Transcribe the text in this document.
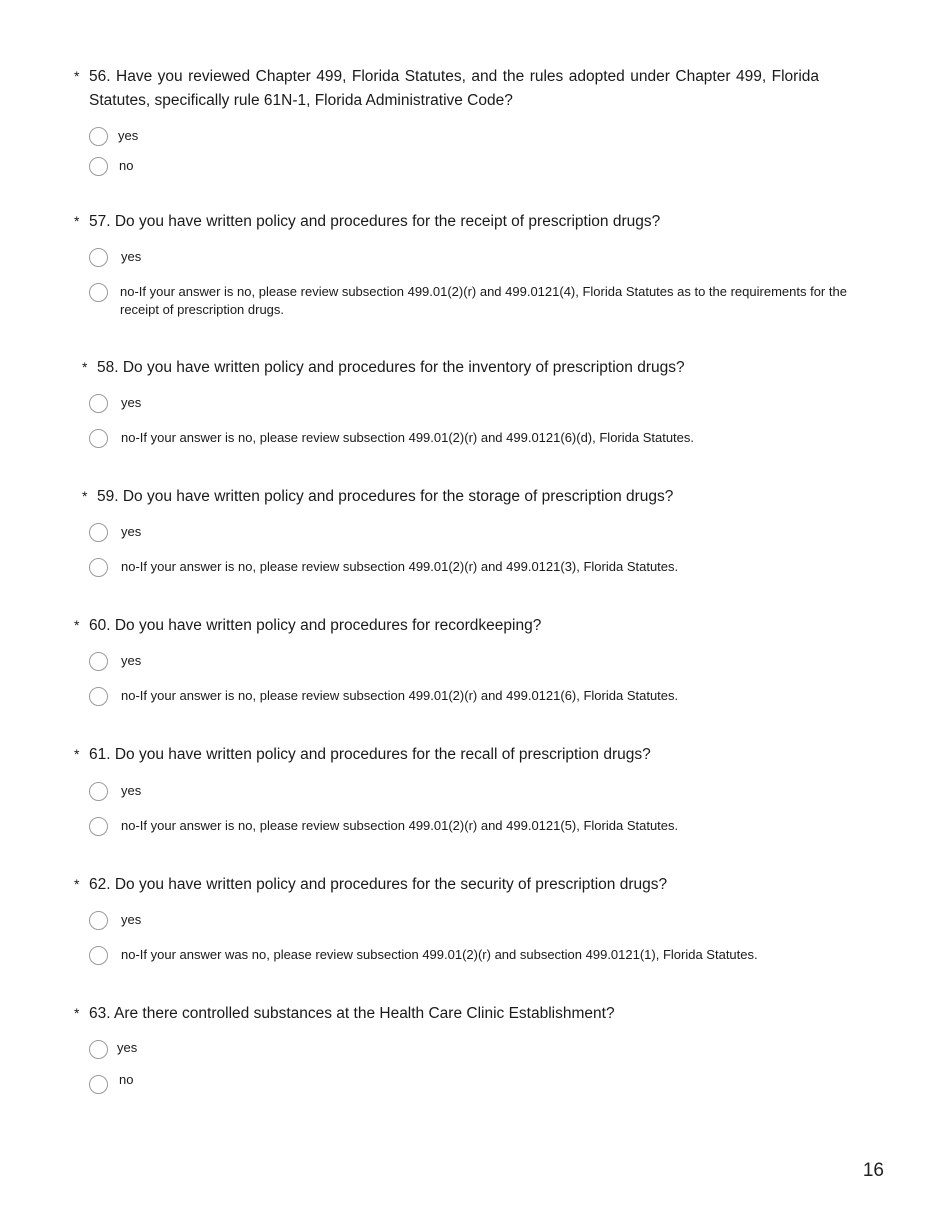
* 56. Have you reviewed Chapter 499, Florida Statutes, and the rules adopted under Chapter 499, Florida Statutes, specifically rule 61N-1, Florida Administrative Code?
yes
no
* 57. Do you have written policy and procedures for the receipt of prescription drugs?
yes
no-If your answer is no, please review subsection 499.01(2)(r) and 499.0121(4), Florida Statutes as to the requirements for the receipt of prescription drugs.
* 58. Do you have written policy and procedures for the inventory of prescription drugs?
yes
no-If your answer is no, please review subsection 499.01(2)(r) and 499.0121(6)(d), Florida Statutes.
* 59. Do you have written policy and procedures for the storage of prescription drugs?
yes
no-If your answer is no, please review subsection 499.01(2)(r) and 499.0121(3), Florida Statutes.
* 60. Do you have written policy and procedures for recordkeeping?
yes
no-If your answer is no, please review subsection 499.01(2)(r) and 499.0121(6), Florida Statutes.
* 61. Do you have written policy and procedures for the recall of prescription drugs?
yes
no-If your answer is no, please review subsection 499.01(2)(r) and 499.0121(5), Florida Statutes.
* 62. Do you have written policy and procedures for the security of prescription drugs?
yes
no-If your answer was no, please review subsection 499.01(2)(r) and subsection 499.0121(1), Florida Statutes.
* 63. Are there controlled substances at the Health Care Clinic Establishment?
yes
no
16
